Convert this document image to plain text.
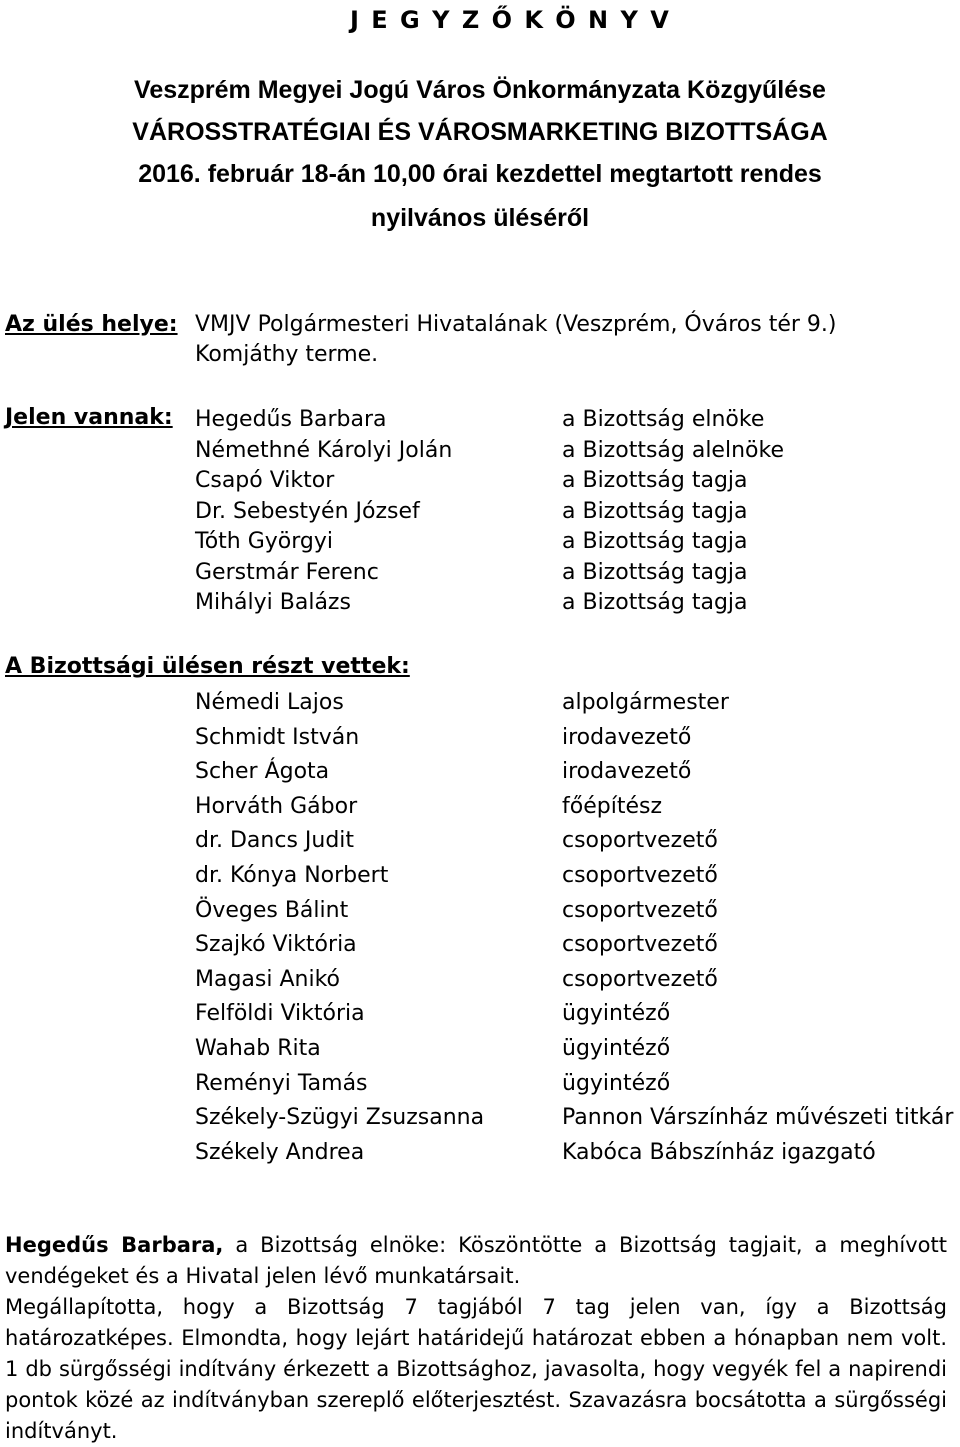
J E G Y Z Ő K Ö N Y V
Veszprém Megyei Jogú Város Önkormányzata Közgyűlése
VÁROSSTRATÉGIAI ÉS VÁROSMARKETING BIZOTTSÁGA
2016. február 18-án 10,00 órai kezdettel megtartott rendes
nyilvános üléséről
Az ülés helye: VMJV Polgármesteri Hivatalának (Veszprém, Óváros tér 9.)
Komjáthy terme.
Jelen vannak: Hegedűs Barbara
Némethné Károlyi Jolán
Csapó Viktor
Dr. Sebestyén József
Tóth Györgyi
Gerstmár Ferenc
Mihályi Balázs
a Bizottság elnöke
a Bizottság alelnöke
a Bizottság tagja
a Bizottság tagja
a Bizottság tagja
a Bizottság tagja
a Bizottság tagja
A Bizottsági ülésen részt vettek:
Némedi Lajos
Schmidt István
Scher Ágota
Horváth Gábor
dr. Dancs Judit
dr. Kónya Norbert
Öveges Bálint
Szajkó Viktória
Magasi Anikó
Felföldi Viktória
Wahab Rita
Reményi Tamás
Székely-Szügyi Zsuzsanna
Székely Andrea
alpolgármester
irodavezető
irodavezető
főépítész
csoportvezető
csoportvezető
csoportvezető
csoportvezető
csoportvezető
ügyintéző
ügyintéző
ügyintéző
Pannon Várszínház művészeti titkár
Kabóca Bábszínház igazgató

Hegedűs Barbara, a Bizottság elnöke: Köszöntötte a Bizottság tagjait, a meghívott vendégeket és a Hivatal jelen lévő munkatársait.

Megállapította, hogy a Bizottság 7 tagjából 7 tag jelen van, így a Bizottság határozatképes. Elmondta, hogy lejárt határidejű határozat ebben a hónapban nem volt. 1 db sürgősségi indítvány érkezett a Bizottsághoz, javasolta, hogy vegyék fel a napirendi pontok közé az indítványban szereplő előterjesztést. Szavazásra bocsátotta a sürgősségi indítványt.
